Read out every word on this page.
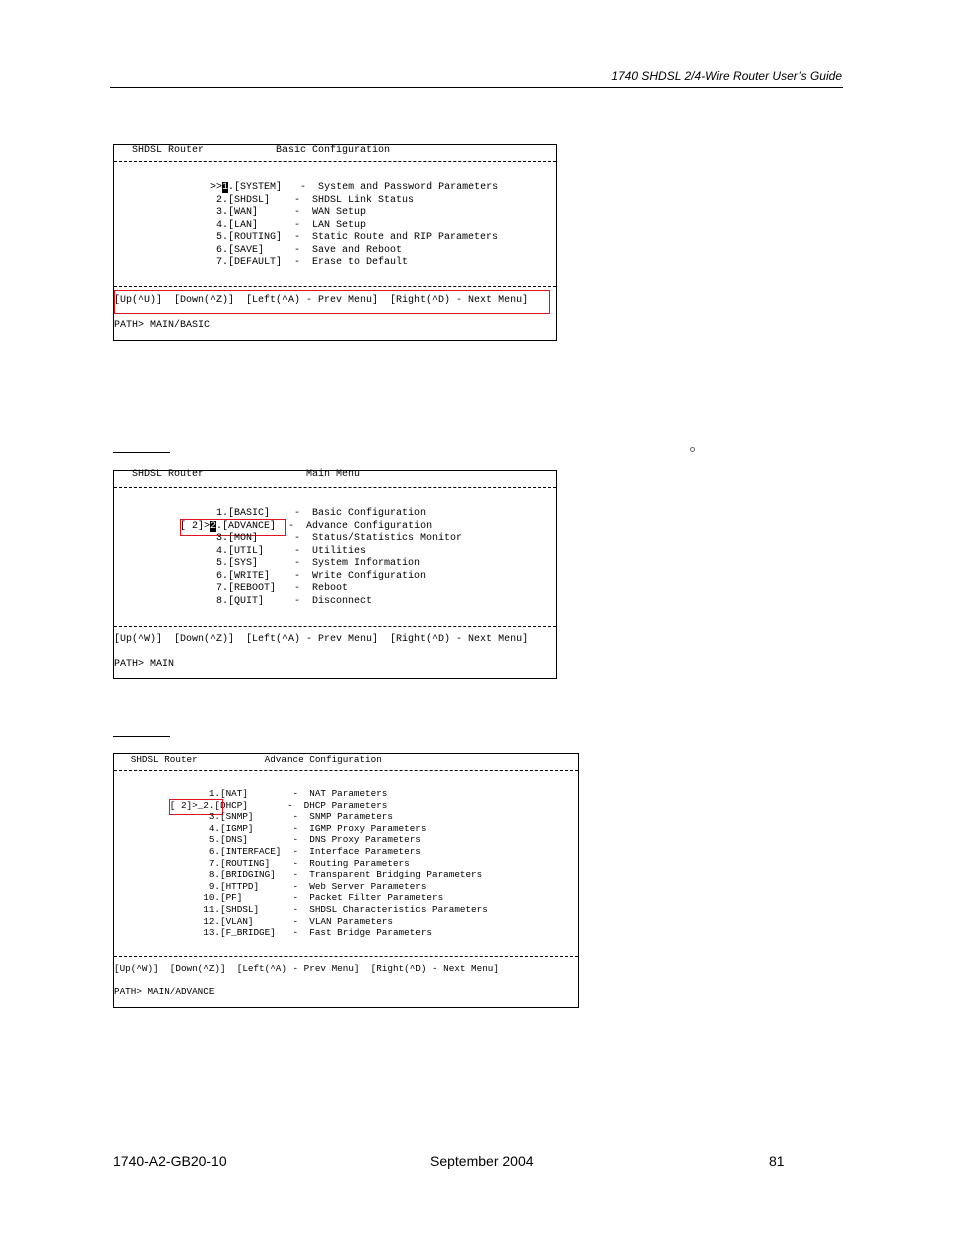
1740 SHDSL 2/4-Wire Router User’s Guide
SHDSL Router            Basic Configuration
>>1.[SYSTEM]   -  System and Password Parameters
2.[SHDSL]    -  SHDSL Link Status
3.[WAN]      -  WAN Setup
4.[LAN]      -  LAN Setup
5.[ROUTING]  -  Static Route and RIP Parameters
6.[SAVE]     -  Save and Reboot
7.[DEFAULT]  -  Erase to Default
[Up(^U)]  [Down(^Z)]  [Left(^A) - Prev Menu]  [Right(^D) - Next Menu]
PATH> MAIN/BASIC
SHDSL Router                 Main Menu
1.[BASIC]    -  Basic Configuration
[ 2]>2.[ADVANCE]  -  Advance Configuration
3.[MON]      -  Status/Statistics Monitor
4.[UTIL]     -  Utilities
5.[SYS]      -  System Information
6.[WRITE]    -  Write Configuration
7.[REBOOT]   -  Reboot
8.[QUIT]     -  Disconnect
[Up(^W)]  [Down(^Z)]  [Left(^A) - Prev Menu]  [Right(^D) - Next Menu]
PATH> MAIN
SHDSL Router            Advance Configuration
1.[NAT]        -  NAT Parameters
[ 2]>_2.[DHCP]       -  DHCP Parameters
3.[SNMP]       -  SNMP Parameters
4.[IGMP]       -  IGMP Proxy Parameters
5.[DNS]        -  DNS Proxy Parameters
6.[INTERFACE]  -  Interface Parameters
7.[ROUTING]    -  Routing Parameters
8.[BRIDGING]   -  Transparent Bridging Parameters
9.[HTTPD]      -  Web Server Parameters
10.[PF]         -  Packet Filter Parameters
11.[SHDSL]      -  SHDSL Characteristics Parameters
12.[VLAN]       -  VLAN Parameters
13.[F_BRIDGE]   -  Fast Bridge Parameters
[Up(^W)]  [Down(^Z)]  [Left(^A) - Prev Menu]  [Right(^D) - Next Menu]
PATH> MAIN/ADVANCE
1740-A2-GB20-10	September 2004	81
